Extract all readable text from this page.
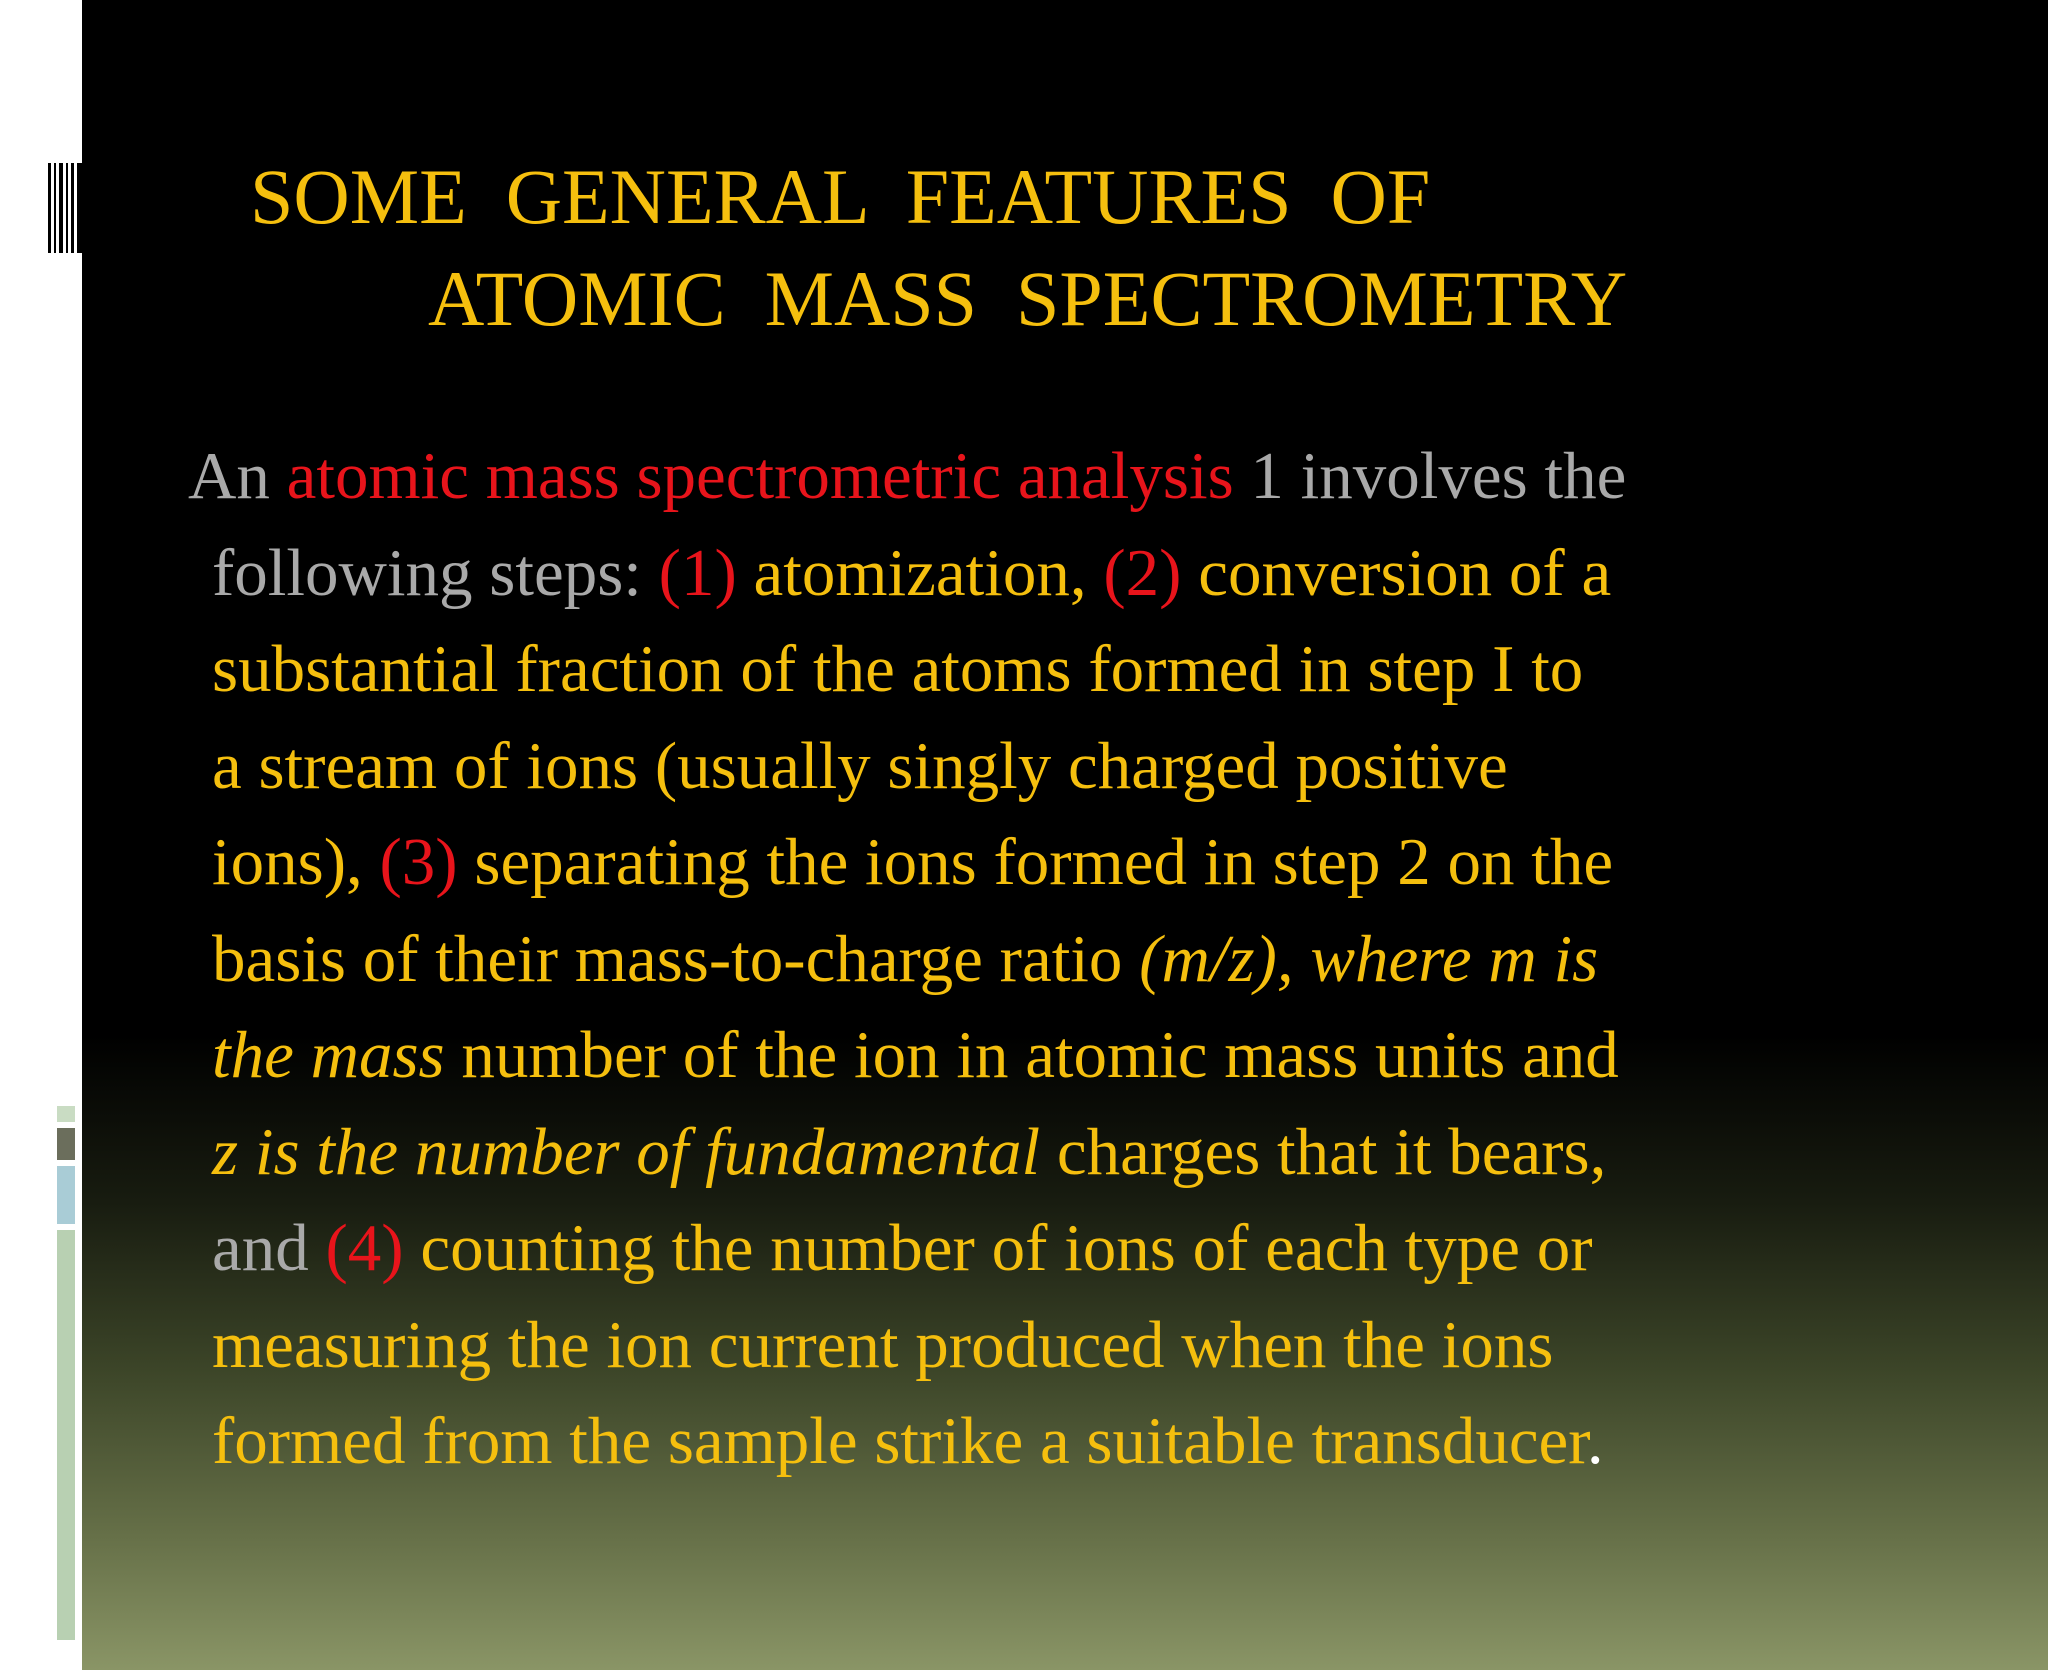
SOME  GENERAL  FEATURES  OF
ATOMIC  MASS  SPECTROMETRY
An atomic mass spectrometric analysis 1 involves the
following steps: (1) atomization, (2) conversion of a
substantial fraction of the atoms formed in step I to
a stream of ions (usually singly charged positive
ions), (3) separating the ions formed in step 2 on the
basis of their mass-to-charge ratio (m/z), where m is
the mass number of the ion in atomic mass units and
z is the number of fundamental charges that it bears,
and (4) counting the number of ions of each type or
measuring the ion current produced when the ions
formed from the sample strike a suitable transducer.
